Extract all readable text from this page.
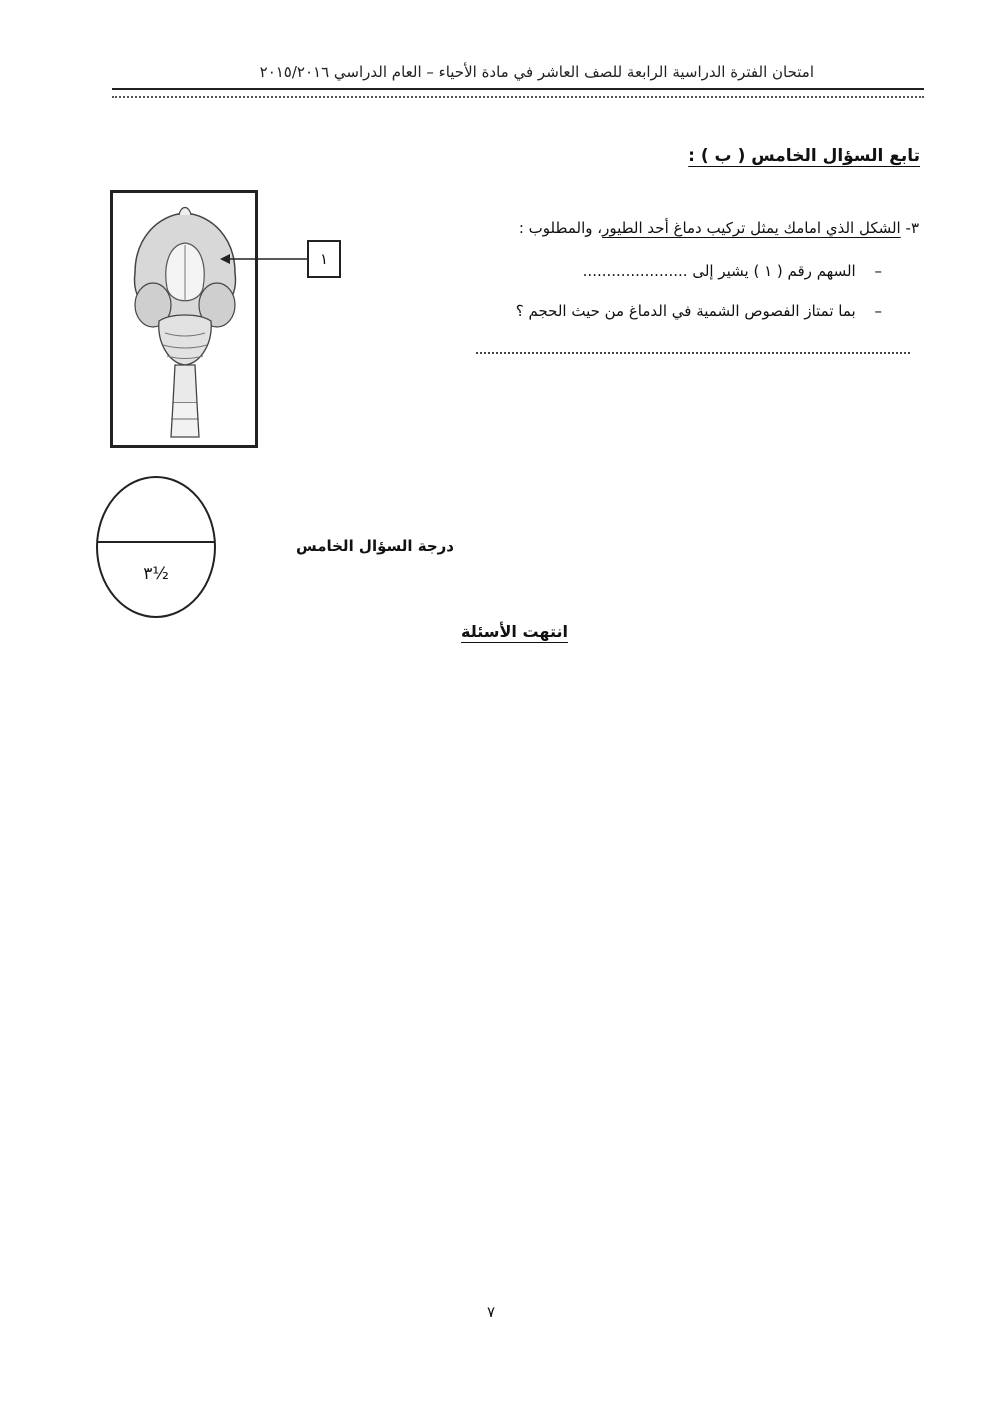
امتحان الفترة الدراسية الرابعة للصف العاشر في مادة الأحياء – العام الدراسي ٢٠١٥/٢٠١٦
تابع السؤال الخامس ( ب ) :
٣- الشكل الذي امامك يمثل تركيب دماغ أحد الطيور، والمطلوب :
– السهم رقم ( ١ ) يشير إلى ......................
– بما تمتاز الفصوص الشمية في الدماغ من حيث الحجم ؟
١
٣½
درجة السؤال الخامس
انتهت الأسئلة
٧
